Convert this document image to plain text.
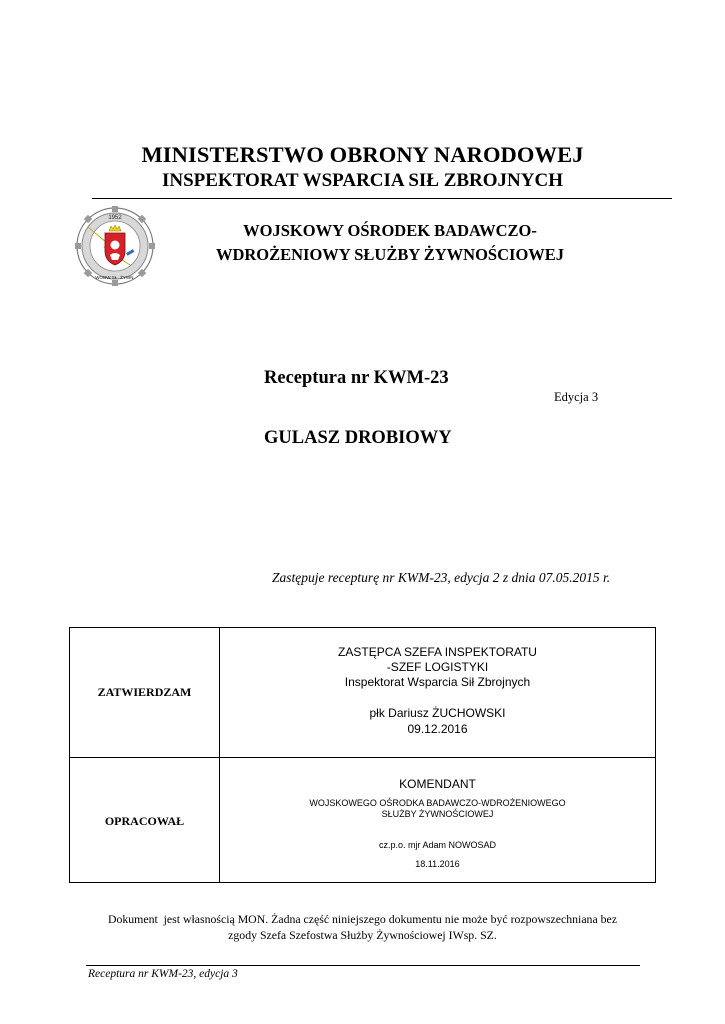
MINISTERSTWO OBRONY NARODOWEJ
INSPEKTORAT WSPARCIA SIŁ ZBROJNYCH
1952
WOBW SŁ. ŻYWN.
WOJSKOWY OŚRODEK BADAWCZO-
WDROŻENIOWY SŁUŻBY ŻYWNOŚCIOWEJ
Receptura nr KWM-23
Edycja 3
GULASZ DROBIOWY
Zastępuje recepturę nr KWM-23, edycja 2 z dnia 07.05.2015 r.
ZATWIERDZAM
ZASTĘPCA SZEFA INSPEKTORATU
-SZEF LOGISTYKI
Inspektorat Wsparcia Sił Zbrojnych
płk Dariusz ŻUCHOWSKI
09.12.2016
OPRACOWAŁ
KOMENDANT
WOJSKOWEGO OŚRODKA BADAWCZO-WDROŻENIOWEGO
SŁUŻBY ŻYWNOŚCIOWEJ
cz.p.o. mjr Adam NOWOSAD
18.11.2016
Dokument  jest własnością MON. Żadna część niniejszego dokumentu nie może być rozpowszechniana bez
zgody Szefa Szefostwa Służby Żywnościowej IWsp. SZ.
Receptura nr KWM-23, edycja 3
